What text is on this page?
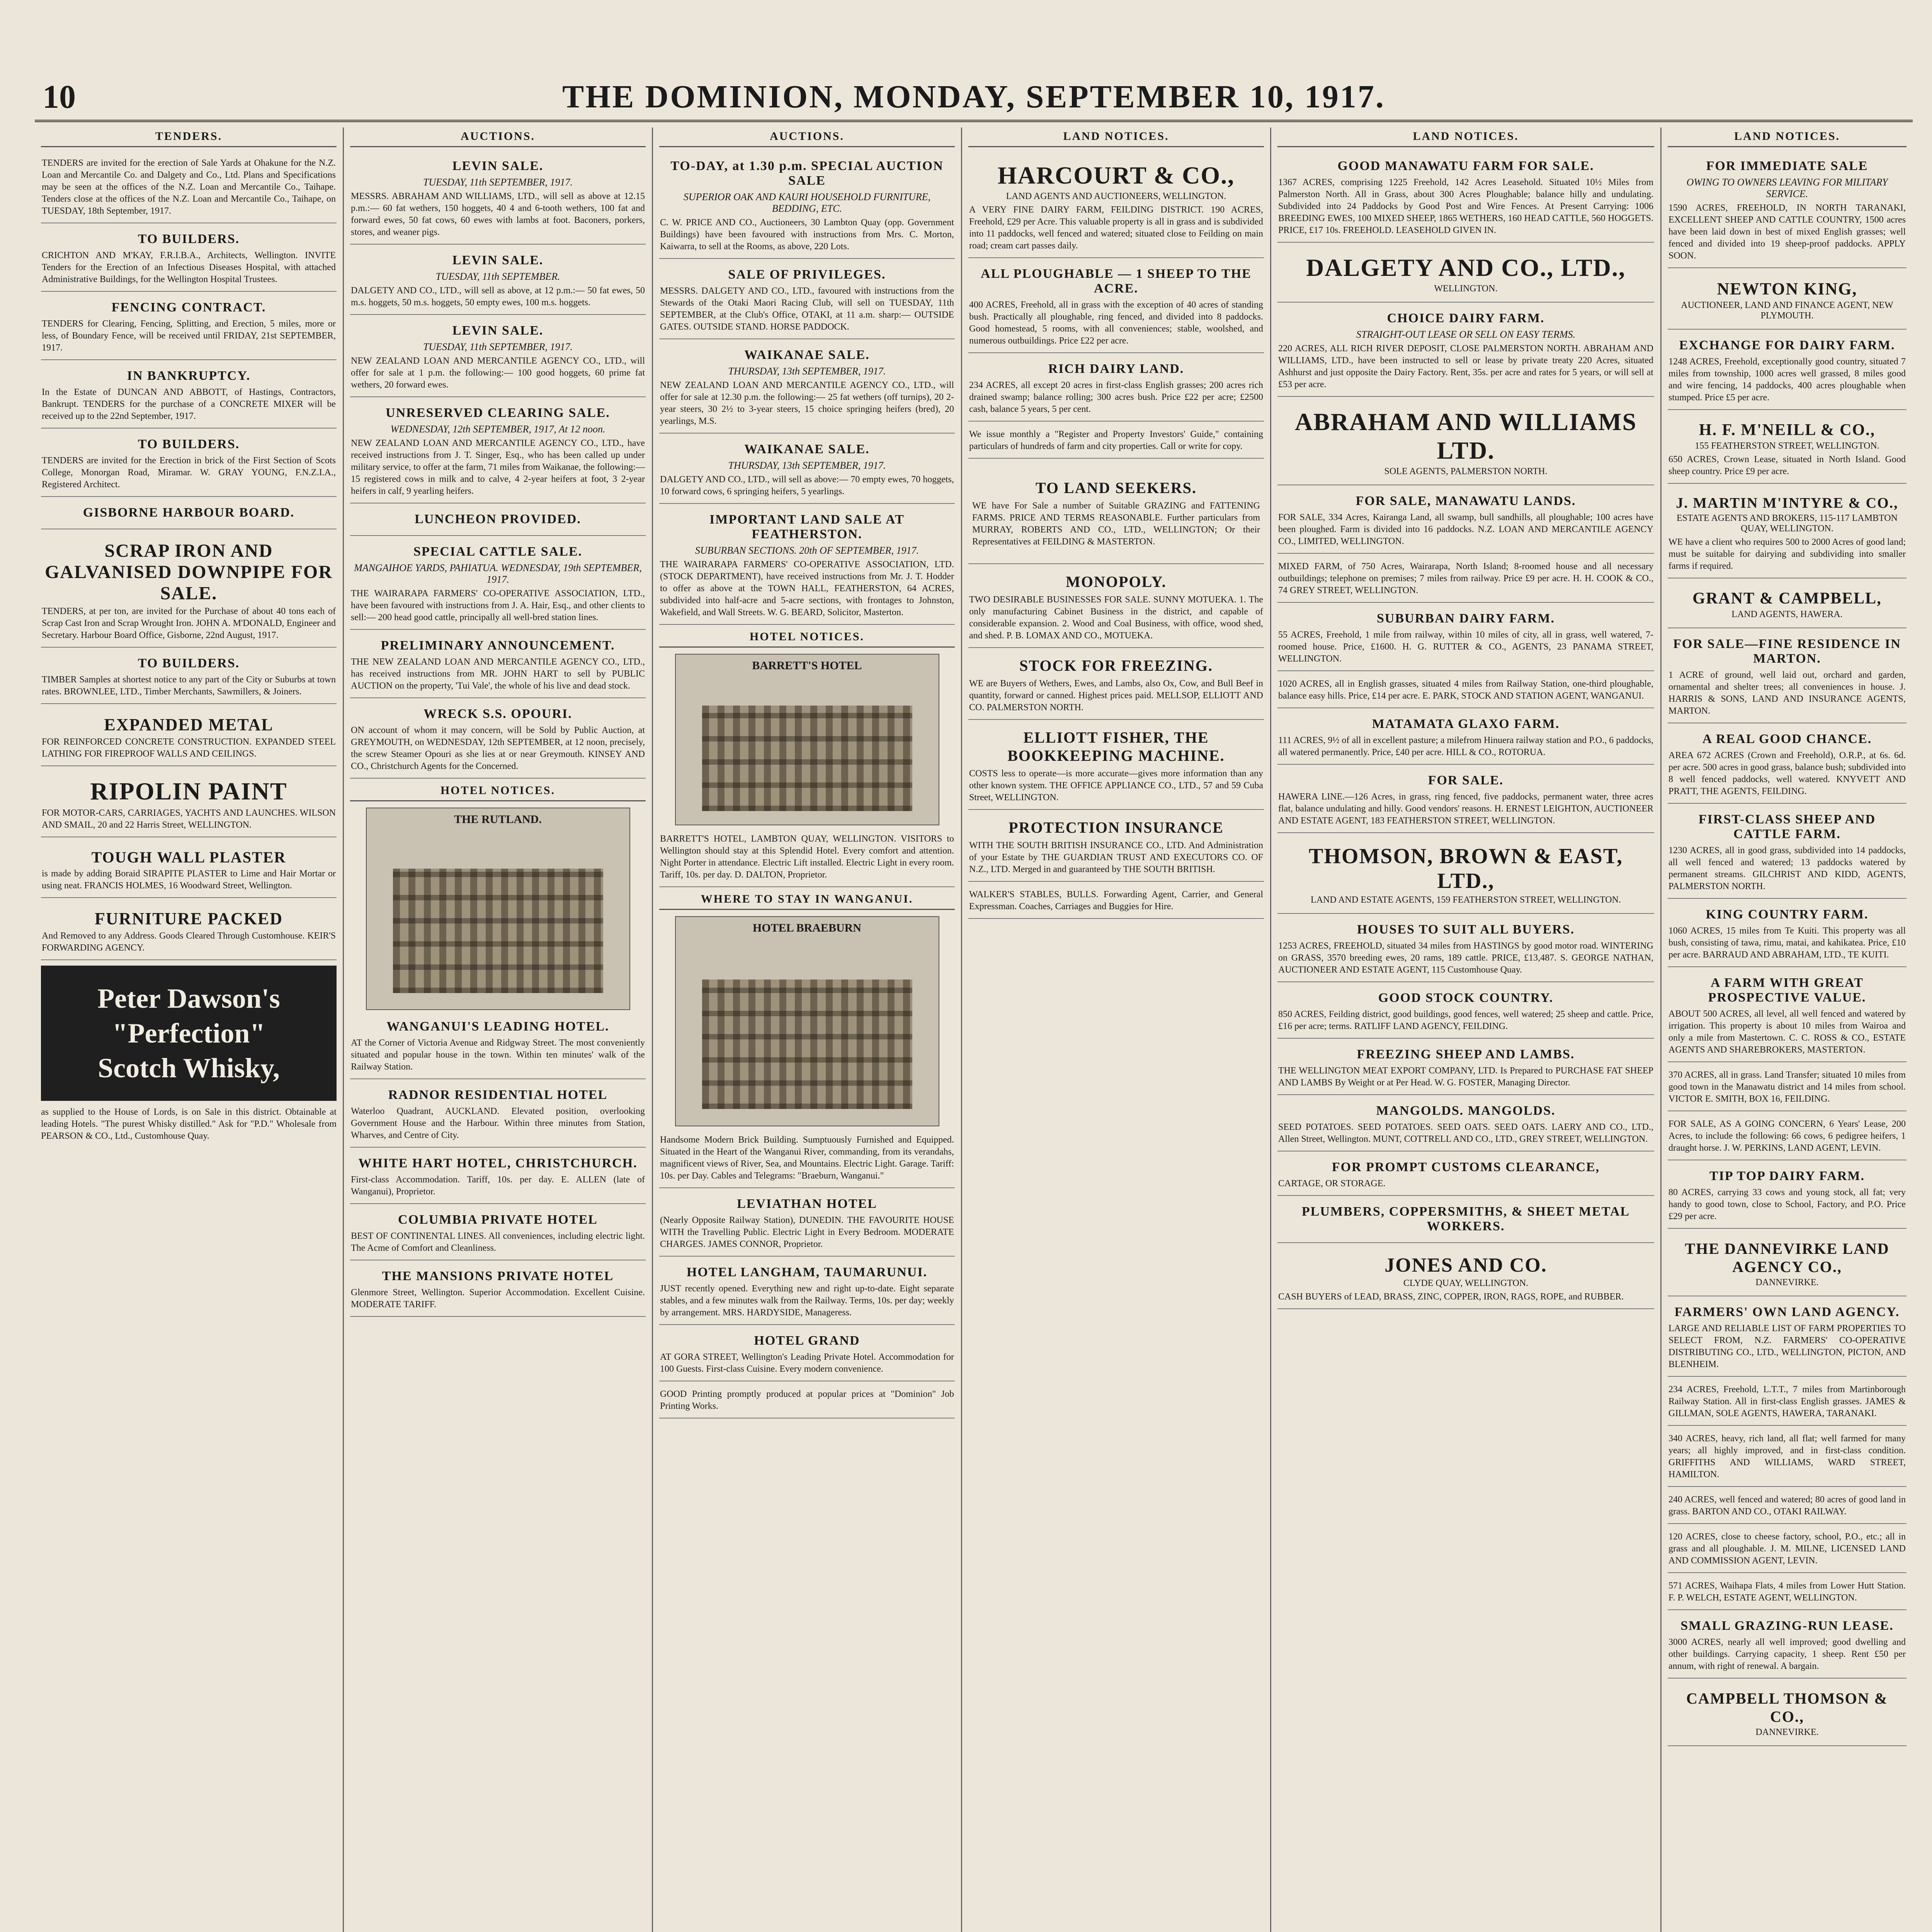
10	THE DOMINION, MONDAY, SEPTEMBER 10, 1917.
TENDERS.
TENDERS are invited for the erection of Sale Yards at Ohakune for the N.Z. Loan and Mercantile Co. and Dalgety and Co., Ltd. Plans and Specifications may be seen at the offices of the N.Z. Loan and Mercantile Co., Taihape. Tenders close at the offices of the N.Z. Loan and Mercantile Co., Taihape, on TUESDAY, 18th September, 1917.
TO BUILDERS.
CRICHTON AND M'KAY, F.R.I.B.A., Architects, Wellington. INVITE Tenders for the Erection of an Infectious Diseases Hospital, with attached Administrative Buildings, for the Wellington Hospital Trustees.
FENCING CONTRACT.
TENDERS for Clearing, Fencing, Splitting, and Erection, 5 miles, more or less, of Boundary Fence, will be received until FRIDAY, 21st SEPTEMBER, 1917.
IN BANKRUPTCY.
In the Estate of DUNCAN AND ABBOTT, of Hastings, Contractors, Bankrupt. TENDERS for the purchase of a CONCRETE MIXER will be received up to the 22nd September, 1917.
TO BUILDERS.
TENDERS are invited for the Erection in brick of the First Section of Scots College, Monorgan Road, Miramar. W. GRAY YOUNG, F.N.Z.I.A., Registered Architect.
GISBORNE HARBOUR BOARD.
SCRAP IRON AND GALVANISED DOWNPIPE FOR SALE.
TENDERS, at per ton, are invited for the Purchase of about 40 tons each of Scrap Cast Iron and Scrap Wrought Iron. JOHN A. M'DONALD, Engineer and Secretary. Harbour Board Office, Gisborne, 22nd August, 1917.
TO BUILDERS.
TIMBER Samples at shortest notice to any part of the City or Suburbs at town rates. BROWNLEE, LTD., Timber Merchants, Sawmillers, & Joiners.
EXPANDED METAL
FOR REINFORCED CONCRETE CONSTRUCTION. EXPANDED STEEL LATHING FOR FIREPROOF WALLS AND CEILINGS.
RIPOLIN PAINT
FOR MOTOR-CARS, CARRIAGES, YACHTS AND LAUNCHES. WILSON AND SMAIL, 20 and 22 Harris Street, WELLINGTON.
TOUGH WALL PLASTER
is made by adding Boraid SIRAPITE PLASTER to Lime and Hair Mortar or using neat. FRANCIS HOLMES, 16 Woodward Street, Wellington.
FURNITURE PACKED
And Removed to any Address. Goods Cleared Through Customhouse. KEIR'S FORWARDING AGENCY.
Peter Dawson's
"Perfection"
Scotch Whisky,
as supplied to the House of Lords, is on Sale in this district. Obtainable at leading Hotels. "The purest Whisky distilled." Ask for "P.D." Wholesale from PEARSON & CO., Ltd., Customhouse Quay.
AUCTIONS.
LEVIN SALE.
TUESDAY, 11th SEPTEMBER, 1917.
MESSRS. ABRAHAM AND WILLIAMS, LTD., will sell as above at 12.15 p.m.:— 60 fat wethers, 150 hoggets, 40 4 and 6-tooth wethers, 100 fat and forward ewes, 50 fat cows, 60 ewes with lambs at foot. Baconers, porkers, stores, and weaner pigs.
LEVIN SALE.
TUESDAY, 11th SEPTEMBER.
DALGETY AND CO., LTD., will sell as above, at 12 p.m.:— 50 fat ewes, 50 m.s. hoggets, 50 m.s. hoggets, 50 empty ewes, 100 m.s. hoggets.
LEVIN SALE.
TUESDAY, 11th SEPTEMBER, 1917.
NEW ZEALAND LOAN AND MERCANTILE AGENCY CO., LTD., will offer for sale at 1 p.m. the following:— 100 good hoggets, 60 prime fat wethers, 20 forward ewes.
UNRESERVED CLEARING SALE.
WEDNESDAY, 12th SEPTEMBER, 1917, At 12 noon.
NEW ZEALAND LOAN AND MERCANTILE AGENCY CO., LTD., have received instructions from J. T. Singer, Esq., who has been called up under military service, to offer at the farm, 71 miles from Waikanae, the following:— 15 registered cows in milk and to calve, 4 2-year heifers at foot, 3 2-year heifers in calf, 9 yearling heifers.
LUNCHEON PROVIDED.
SPECIAL CATTLE SALE.
MANGAIHOE YARDS, PAHIATUA. WEDNESDAY, 19th SEPTEMBER, 1917.
THE WAIRARAPA FARMERS' CO-OPERATIVE ASSOCIATION, LTD., have been favoured with instructions from J. A. Hair, Esq., and other clients to sell:— 200 head good cattle, principally all well-bred station lines.
PRELIMINARY ANNOUNCEMENT.
THE NEW ZEALAND LOAN AND MERCANTILE AGENCY CO., LTD., has received instructions from MR. JOHN HART to sell by PUBLIC AUCTION on the property, 'Tui Vale', the whole of his live and dead stock.
WRECK S.S. OPOURI.
ON account of whom it may concern, will be Sold by Public Auction, at GREYMOUTH, on WEDNESDAY, 12th SEPTEMBER, at 12 noon, precisely, the screw Steamer Opouri as she lies at or near Greymouth. KINSEY AND CO., Christchurch Agents for the Concerned.
HOTEL NOTICES.
THE RUTLAND.
WANGANUI'S LEADING HOTEL.
AT the Corner of Victoria Avenue and Ridgway Street. The most conveniently situated and popular house in the town. Within ten minutes' walk of the Railway Station.
RADNOR RESIDENTIAL HOTEL
Waterloo Quadrant, AUCKLAND. Elevated position, overlooking Government House and the Harbour. Within three minutes from Station, Wharves, and Centre of City.
WHITE HART HOTEL, CHRISTCHURCH.
First-class Accommodation. Tariff, 10s. per day. E. ALLEN (late of Wanganui), Proprietor.
COLUMBIA PRIVATE HOTEL
BEST OF CONTINENTAL LINES. All conveniences, including electric light. The Acme of Comfort and Cleanliness.
THE MANSIONS PRIVATE HOTEL
Glenmore Street, Wellington. Superior Accommodation. Excellent Cuisine. MODERATE TARIFF.
AUCTIONS.
TO-DAY, at 1.30 p.m. SPECIAL AUCTION SALE
SUPERIOR OAK AND KAURI HOUSEHOLD FURNITURE, BEDDING, ETC.
C. W. PRICE AND CO., Auctioneers, 30 Lambton Quay (opp. Government Buildings) have been favoured with instructions from Mrs. C. Morton, Kaiwarra, to sell at the Rooms, as above, 220 Lots.
SALE OF PRIVILEGES.
MESSRS. DALGETY AND CO., LTD., favoured with instructions from the Stewards of the Otaki Maori Racing Club, will sell on TUESDAY, 11th SEPTEMBER, at the Club's Office, OTAKI, at 11 a.m. sharp:— OUTSIDE GATES. OUTSIDE STAND. HORSE PADDOCK.
WAIKANAE SALE.
THURSDAY, 13th SEPTEMBER, 1917.
NEW ZEALAND LOAN AND MERCANTILE AGENCY CO., LTD., will offer for sale at 12.30 p.m. the following:— 25 fat wethers (off turnips), 20 2-year steers, 30 2½ to 3-year steers, 15 choice springing heifers (bred), 20 yearlings, M.S.
WAIKANAE SALE.
THURSDAY, 13th SEPTEMBER, 1917.
DALGETY AND CO., LTD., will sell as above:— 70 empty ewes, 70 hoggets, 10 forward cows, 6 springing heifers, 5 yearlings.
IMPORTANT LAND SALE AT FEATHERSTON.
SUBURBAN SECTIONS. 20th OF SEPTEMBER, 1917.
THE WAIRARAPA FARMERS' CO-OPERATIVE ASSOCIATION, LTD. (STOCK DEPARTMENT), have received instructions from Mr. J. T. Hodder to offer as above at the TOWN HALL, FEATHERSTON, 64 ACRES, subdivided into half-acre and 5-acre sections, with frontages to Johnston, Wakefield, and Wall Streets. W. G. BEARD, Solicitor, Masterton.
HOTEL NOTICES.
BARRETT'S HOTEL
BARRETT'S HOTEL, LAMBTON QUAY, WELLINGTON. VISITORS to Wellington should stay at this Splendid Hotel. Every comfort and attention. Night Porter in attendance. Electric Lift installed. Electric Light in every room. Tariff, 10s. per day. D. DALTON, Proprietor.
WHERE TO STAY IN WANGANUI.
HOTEL BRAEBURN
Handsome Modern Brick Building. Sumptuously Furnished and Equipped. Situated in the Heart of the Wanganui River, commanding, from its verandahs, magnificent views of River, Sea, and Mountains. Electric Light. Garage. Tariff: 10s. per Day. Cables and Telegrams: "Braeburn, Wanganui."
LEVIATHAN HOTEL
(Nearly Opposite Railway Station), DUNEDIN. THE FAVOURITE HOUSE WITH the Travelling Public. Electric Light in Every Bedroom. MODERATE CHARGES. JAMES CONNOR, Proprietor.
HOTEL LANGHAM, TAUMARUNUI.
JUST recently opened. Everything new and right up-to-date. Eight separate stables, and a few minutes walk from the Railway. Terms, 10s. per day; weekly by arrangement. MRS. HARDYSIDE, Manageress.
HOTEL GRAND
AT GORA STREET, Wellington's Leading Private Hotel. Accommodation for 100 Guests. First-class Cuisine. Every modern convenience.
GOOD Printing promptly produced at popular prices at "Dominion" Job Printing Works.
LAND NOTICES.
HARCOURT & CO.,
LAND AGENTS AND AUCTIONEERS, WELLINGTON.
A VERY FINE DAIRY FARM, FEILDING DISTRICT. 190 ACRES, Freehold, £29 per Acre. This valuable property is all in grass and is subdivided into 11 paddocks, well fenced and watered; situated close to Feilding on main road; cream cart passes daily.
ALL PLOUGHABLE — 1 SHEEP TO THE ACRE.
400 ACRES, Freehold, all in grass with the exception of 40 acres of standing bush. Practically all ploughable, ring fenced, and divided into 8 paddocks. Good homestead, 5 rooms, with all conveniences; stable, woolshed, and numerous outbuildings. Price £22 per acre.
RICH DAIRY LAND.
234 ACRES, all except 20 acres in first-class English grasses; 200 acres rich drained swamp; balance rolling; 300 acres bush. Price £22 per acre; £2500 cash, balance 5 years, 5 per cent.
We issue monthly a "Register and Property Investors' Guide," containing particulars of hundreds of farm and city properties. Call or write for copy.
TO LAND SEEKERS.
WE have For Sale a number of Suitable GRAZING and FATTENING FARMS. PRICE AND TERMS REASONABLE. Further particulars from MURRAY, ROBERTS AND CO., LTD., WELLINGTON; Or their Representatives at FEILDING & MASTERTON.
MONOPOLY.
TWO DESIRABLE BUSINESSES FOR SALE. SUNNY MOTUEKA. 1. The only manufacturing Cabinet Business in the district, and capable of considerable expansion. 2. Wood and Coal Business, with office, wood shed, and shed. P. B. LOMAX AND CO., MOTUEKA.
STOCK FOR FREEZING.
WE are Buyers of Wethers, Ewes, and Lambs, also Ox, Cow, and Bull Beef in quantity, forward or canned. Highest prices paid. MELLSOP, ELLIOTT AND CO. PALMERSTON NORTH.
ELLIOTT FISHER, THE BOOKKEEPING MACHINE.
COSTS less to operate—is more accurate—gives more information than any other known system. THE OFFICE APPLIANCE CO., LTD., 57 and 59 Cuba Street, WELLINGTON.
PROTECTION INSURANCE
WITH THE SOUTH BRITISH INSURANCE CO., LTD. And Administration of your Estate by THE GUARDIAN TRUST AND EXECUTORS CO. OF N.Z., LTD. Merged in and guaranteed by THE SOUTH BRITISH.
WALKER'S STABLES, BULLS. Forwarding Agent, Carrier, and General Expressman. Coaches, Carriages and Buggies for Hire.
LAND NOTICES.
GOOD MANAWATU FARM FOR SALE.
1367 ACRES, comprising 1225 Freehold, 142 Acres Leasehold. Situated 10½ Miles from Palmerston North. All in Grass, about 300 Acres Ploughable; balance hilly and undulating. Subdivided into 24 Paddocks by Good Post and Wire Fences. At Present Carrying: 1006 BREEDING EWES, 100 MIXED SHEEP, 1865 WETHERS, 160 HEAD CATTLE, 560 HOGGETS. PRICE, £17 10s. FREEHOLD. LEASEHOLD GIVEN IN.
DALGETY AND CO., LTD.,
WELLINGTON.
CHOICE DAIRY FARM.
STRAIGHT-OUT LEASE OR SELL ON EASY TERMS.
220 ACRES, ALL RICH RIVER DEPOSIT, CLOSE PALMERSTON NORTH. ABRAHAM AND WILLIAMS, LTD., have been instructed to sell or lease by private treaty 220 Acres, situated Ashhurst and just opposite the Dairy Factory. Rent, 35s. per acre and rates for 5 years, or will sell at £53 per acre.
ABRAHAM AND WILLIAMS LTD.
SOLE AGENTS, PALMERSTON NORTH.
FOR SALE, MANAWATU LANDS.
FOR SALE, 334 Acres, Kairanga Land, all swamp, bull sandhills, all ploughable; 100 acres have been ploughed. Farm is divided into 16 paddocks. N.Z. LOAN AND MERCANTILE AGENCY CO., LIMITED, WELLINGTON.
MIXED FARM, of 750 Acres, Wairarapa, North Island; 8-roomed house and all necessary outbuildings; telephone on premises; 7 miles from railway. Price £9 per acre. H. H. COOK & CO., 74 GREY STREET, WELLINGTON.
SUBURBAN DAIRY FARM.
55 ACRES, Freehold, 1 mile from railway, within 10 miles of city, all in grass, well watered, 7-roomed house. Price, £1600. H. G. RUTTER & CO., AGENTS, 23 PANAMA STREET, WELLINGTON.
1020 ACRES, all in English grasses, situated 4 miles from Railway Station, one-third ploughable, balance easy hills. Price, £14 per acre. E. PARK, STOCK AND STATION AGENT, WANGANUI.
MATAMATA GLAXO FARM.
111 ACRES, 9½ of all in excellent pasture; a milefrom Hinuera railway station and P.O., 6 paddocks, all watered permanently. Price, £40 per acre. HILL & CO., ROTORUA.
FOR SALE.
HAWERA LINE.—126 Acres, in grass, ring fenced, five paddocks, permanent water, three acres flat, balance undulating and hilly. Good vendors' reasons. H. ERNEST LEIGHTON, AUCTIONEER AND ESTATE AGENT, 183 FEATHERSTON STREET, WELLINGTON.
THOMSON, BROWN & EAST, LTD.,
LAND AND ESTATE AGENTS, 159 FEATHERSTON STREET, WELLINGTON.
HOUSES TO SUIT ALL BUYERS.
1253 ACRES, FREEHOLD, situated 34 miles from HASTINGS by good motor road. WINTERING on GRASS, 3570 breeding ewes, 20 rams, 189 cattle. PRICE, £13,487. S. GEORGE NATHAN, AUCTIONEER AND ESTATE AGENT, 115 Customhouse Quay.
GOOD STOCK COUNTRY.
850 ACRES, Feilding district, good buildings, good fences, well watered; 25 sheep and cattle. Price, £16 per acre; terms. RATLIFF LAND AGENCY, FEILDING.
FREEZING SHEEP AND LAMBS.
THE WELLINGTON MEAT EXPORT COMPANY, LTD. Is Prepared to PURCHASE FAT SHEEP AND LAMBS By Weight or at Per Head. W. G. FOSTER, Managing Director.
MANGOLDS. MANGOLDS.
SEED POTATOES. SEED POTATOES. SEED OATS. SEED OATS. LAERY AND CO., LTD., Allen Street, Wellington. MUNT, COTTRELL AND CO., LTD., GREY STREET, WELLINGTON.
FOR PROMPT CUSTOMS CLEARANCE,
CARTAGE, OR STORAGE.
PLUMBERS, COPPERSMITHS, & SHEET METAL WORKERS.
JONES AND CO.
CLYDE QUAY, WELLINGTON.
CASH BUYERS of LEAD, BRASS, ZINC, COPPER, IRON, RAGS, ROPE, and RUBBER.
LAND NOTICES.
FOR IMMEDIATE SALE
OWING TO OWNERS LEAVING FOR MILITARY SERVICE.
1590 ACRES, FREEHOLD, IN NORTH TARANAKI, EXCELLENT SHEEP AND CATTLE COUNTRY, 1500 acres have been laid down in best of mixed English grasses; well fenced and divided into 19 sheep-proof paddocks. APPLY SOON.
NEWTON KING,
AUCTIONEER, LAND AND FINANCE AGENT, NEW PLYMOUTH.
EXCHANGE FOR DAIRY FARM.
1248 ACRES, Freehold, exceptionally good country, situated 7 miles from township, 1000 acres well grassed, 8 miles good and wire fencing, 14 paddocks, 400 acres ploughable when stumped. Price £5 per acre.
H. F. M'NEILL & CO.,
155 FEATHERSTON STREET, WELLINGTON.
650 ACRES, Crown Lease, situated in North Island. Good sheep country. Price £9 per acre.
J. MARTIN M'INTYRE & CO.,
ESTATE AGENTS AND BROKERS, 115-117 LAMBTON QUAY, WELLINGTON.
WE have a client who requires 500 to 2000 Acres of good land; must be suitable for dairying and subdividing into smaller farms if required.
GRANT & CAMPBELL,
LAND AGENTS, HAWERA.
FOR SALE—FINE RESIDENCE IN MARTON.
1 ACRE of ground, well laid out, orchard and garden, ornamental and shelter trees; all conveniences in house. J. HARRIS & SONS, LAND AND INSURANCE AGENTS, MARTON.
A REAL GOOD CHANCE.
AREA 672 ACRES (Crown and Freehold), O.R.P., at 6s. 6d. per acre. 500 acres in good grass, balance bush; subdivided into 8 well fenced paddocks, well watered. KNYVETT AND PRATT, THE AGENTS, FEILDING.
FIRST-CLASS SHEEP AND CATTLE FARM.
1230 ACRES, all in good grass, subdivided into 14 paddocks, all well fenced and watered; 13 paddocks watered by permanent streams. GILCHRIST AND KIDD, AGENTS, PALMERSTON NORTH.
KING COUNTRY FARM.
1060 ACRES, 15 miles from Te Kuiti. This property was all bush, consisting of tawa, rimu, matai, and kahikatea. Price, £10 per acre. BARRAUD AND ABRAHAM, LTD., TE KUITI.
A FARM WITH GREAT PROSPECTIVE VALUE.
ABOUT 500 ACRES, all level, all well fenced and watered by irrigation. This property is about 10 miles from Wairoa and only a mile from Mastertown. C. C. ROSS & CO., ESTATE AGENTS AND SHAREBROKERS, MASTERTON.
370 ACRES, all in grass. Land Transfer; situated 10 miles from good town in the Manawatu district and 14 miles from school. VICTOR E. SMITH, BOX 16, FEILDING.
FOR SALE, AS A GOING CONCERN, 6 Years' Lease, 200 Acres, to include the following: 66 cows, 6 pedigree heifers, 1 draught horse. J. W. PERKINS, LAND AGENT, LEVIN.
TIP TOP DAIRY FARM.
80 ACRES, carrying 33 cows and young stock, all fat; very handy to good town, close to School, Factory, and P.O. Price £29 per acre.
THE DANNEVIRKE LAND AGENCY CO.,
DANNEVIRKE.
FARMERS' OWN LAND AGENCY.
LARGE AND RELIABLE LIST OF FARM PROPERTIES TO SELECT FROM, N.Z. FARMERS' CO-OPERATIVE DISTRIBUTING CO., LTD., WELLINGTON, PICTON, AND BLENHEIM.
234 ACRES, Freehold, L.T.T., 7 miles from Martinborough Railway Station. All in first-class English grasses. JAMES & GILLMAN, SOLE AGENTS, HAWERA, TARANAKI.
340 ACRES, heavy, rich land, all flat; well farmed for many years; all highly improved, and in first-class condition. GRIFFITHS AND WILLIAMS, WARD STREET, HAMILTON.
240 ACRES, well fenced and watered; 80 acres of good land in grass. BARTON AND CO., OTAKI RAILWAY.
120 ACRES, close to cheese factory, school, P.O., etc.; all in grass and all ploughable. J. M. MILNE, LICENSED LAND AND COMMISSION AGENT, LEVIN.
571 ACRES, Waihapa Flats, 4 miles from Lower Hutt Station. F. P. WELCH, ESTATE AGENT, WELLINGTON.
SMALL GRAZING-RUN LEASE.
3000 ACRES, nearly all well improved; good dwelling and other buildings. Carrying capacity, 1 sheep. Rent £50 per annum, with right of renewal. A bargain.
CAMPBELL THOMSON & CO.,
DANNEVIRKE.
